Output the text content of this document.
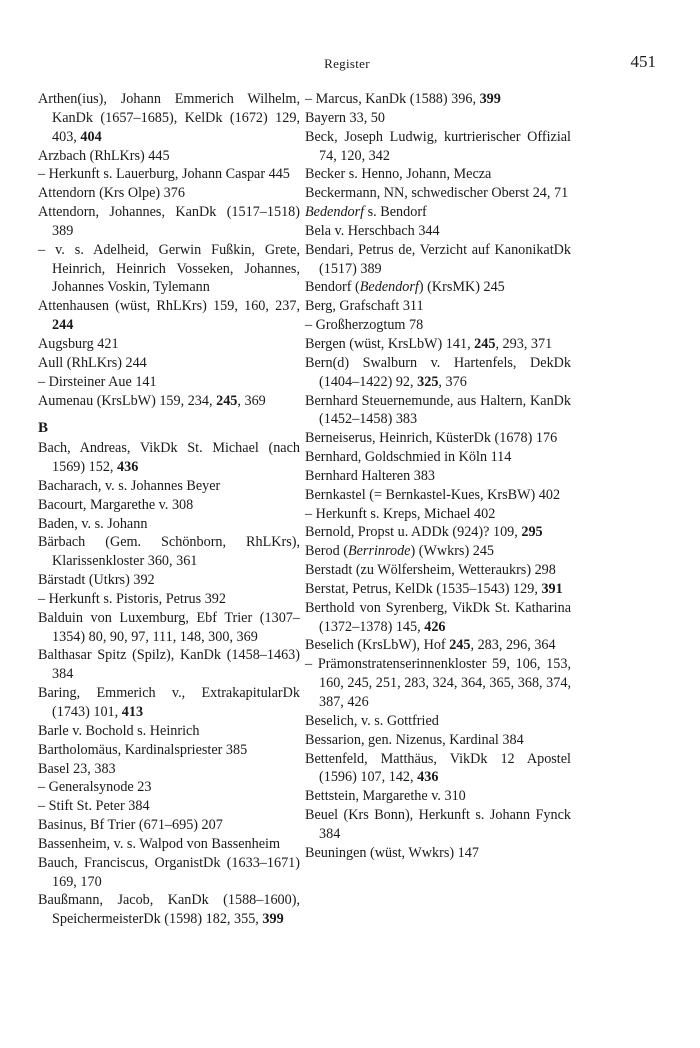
Register	451
Arthen(ius), Johann Emmerich Wilhelm, KanDk (1657–1685), KelDk (1672) 129, 403, 404
Arzbach (RhLKrs) 445
– Herkunft s. Lauerburg, Johann Caspar 445
Attendorn (Krs Olpe) 376
Attendorn, Johannes, KanDk (1517–1518) 389
– v. s. Adelheid, Gerwin Fußkin, Grete, Heinrich, Heinrich Vosseken, Johannes, Johannes Voskin, Tylemann
Attenhausen (wüst, RhLKrs) 159, 160, 237, 244
Augsburg 421
Aull (RhLKrs) 244
– Dirsteiner Aue 141
Aumenau (KrsLbW) 159, 234, 245, 369
B
Bach, Andreas, VikDk St. Michael (nach 1569) 152, 436
Bacharach, v. s. Johannes Beyer
Bacourt, Margarethe v. 308
Baden, v. s. Johann
Bärbach (Gem. Schönborn, RhLKrs), Klarissenkloster 360, 361
Bärstadt (Utkrs) 392
– Herkunft s. Pistoris, Petrus 392
Balduin von Luxemburg, Ebf Trier (1307–1354) 80, 90, 97, 111, 148, 300, 369
Balthasar Spitz (Spilz), KanDk (1458–1463) 384
Baring, Emmerich v., ExtrakapitularDk (1743) 101, 413
Barle v. Bochold s. Heinrich
Bartholomäus, Kardinalspriester 385
Basel 23, 383
– Generalsynode 23
– Stift St. Peter 384
Basinus, Bf Trier (671–695) 207
Bassenheim, v. s. Walpod von Bassenheim
Bauch, Franciscus, OrganistDk (1633–1671) 169, 170
Baußmann, Jacob, KanDk (1588–1600), SpeichermeisterDk (1598) 182, 355, 399
– Marcus, KanDk (1588) 396, 399
Bayern 33, 50
Beck, Joseph Ludwig, kurtrierischer Offizial 74, 120, 342
Becker s. Henno, Johann, Mecza
Beckermann, NN, schwedischer Oberst 24, 71
Bedendorf s. Bendorf
Bela v. Herschbach 344
Bendari, Petrus de, Verzicht auf KanonikatDk (1517) 389
Bendorf (Bedendorf) (KrsMK) 245
Berg, Grafschaft 311
– Großherzogtum 78
Bergen (wüst, KrsLbW) 141, 245, 293, 371
Bern(d) Swalburn v. Hartenfels, DekDk (1404–1422) 92, 325, 376
Bernhard Steuernemunde, aus Haltern, KanDk (1452–1458) 383
Berneiserus, Heinrich, KüsterDk (1678) 176
Bernhard, Goldschmied in Köln 114
Bernhard Halteren 383
Bernkastel (= Bernkastel-Kues, KrsBW) 402
– Herkunft s. Kreps, Michael 402
Bernold, Propst u. ADDk (924)? 109, 295
Berod (Berrinrode) (Wwkrs) 245
Berstadt (zu Wölfersheim, Wetteraukrs) 298
Berstat, Petrus, KelDk (1535–1543) 129, 391
Berthold von Syrenberg, VikDk St. Katharina (1372–1378) 145, 426
Beselich (KrsLbW), Hof 245, 283, 296, 364
– Prämonstratenserinnenkloster 59, 106, 153, 160, 245, 251, 283, 324, 364, 365, 368, 374, 387, 426
Beselich, v. s. Gottfried
Bessarion, gen. Nizenus, Kardinal 384
Bettenfeld, Matthäus, VikDk 12 Apostel (1596) 107, 142, 436
Bettstein, Margarethe v. 310
Beuel (Krs Bonn), Herkunft s. Johann Fynck 384
Beuningen (wüst, Wwkrs) 147
